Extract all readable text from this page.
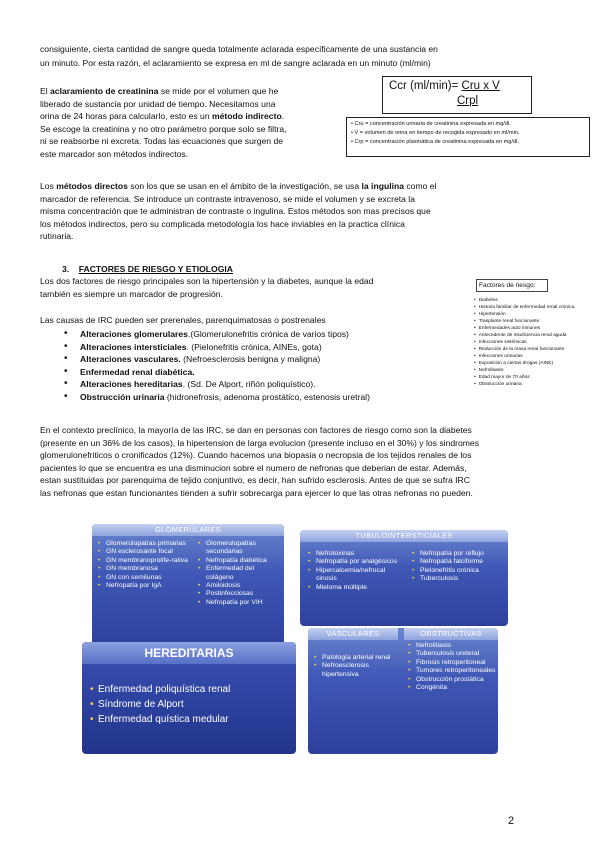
consiguiente, cierta cantidad de sangre queda totalmente aclarada específicamente de una sustancia en
un minuto. Por esta razón, el aclaramiento se expresa en ml de sangre aclarada en un minuto (ml/min)
El aclaramiento de creatinina se mide por el volumen que he
liberado de sustancia por unidad de tiempo. Necesitamos una
orina de 24 horas para calcularlo, esto es un método indirecto.
Se escoge la creatinina y no otro parámetro porque solo se filtra,
ni se reabsorbe ni excreta. Todas las ecuaciones que surgen de
este marcador son métodos indirectos.
Ccr (ml/min)= Cru x V
Crpl
• Cru = concentración urinaria de creatinina expresada en mg/dl.
• V = volumen de orina en tiempo de recogida expresado en ml/min.
• Crp = concentración plasmática de creatinina expresada en mg/dl.
Los métodos directos son los que se usan en el ámbito de la investigación, se usa la ingulina como el
marcador de referencia. Se introduce un contraste intravenoso, se mide el volumen y se excreta la
misma concentración que te administran de contraste o ingulina. Estos métodos son mas precisos que
los métodos indirectos, pero su complicada metodología los hace inviables en la practica clínica
rutinaria.
3. FACTORES DE RIESGO Y ETIOLOGIA
Los dos factores de riesgo principales son la hipertensión y la diabetes, aunque la edad
también es siempre un marcador de progresión.
Factores de riesgo:
• Diabetes
• Historia familiar de enfermedad renal crónica.
• Hipertensión
• Trasplante renal funcionante
• Enfermedades auto inmunes
• Antecedente de insuficiencia renal aguda
• Infecciones sistémicas
• Reducción de la masa renal funcionante
• Infecciones urinarias
• Exposición a ciertas drogas (AINE)
• Nefrolitiasis
• Edad mayor de 70 años
• Obstrucción urinaria
Las causas de IRC pueden ser prerenales, parenquimatosas o postrenales
• Alteraciones glomerulares.(Glomerulonefritis crónica de varios tipos)
• Alteraciones intersticiales. (Pielonefritis crónica, AINEs, gota)
• Alteraciones vasculares. (Nefroesclerosis benigna y maligna)
• Enfermedad renal diabética.
• Alteraciones hereditarias. (Sd. De Alport, riñón poliquístico).
• Obstrucción urinaria (hidronefrosis, adenoma prostático, estenosis uretral)
En el contexto preclínico, la mayoría de las IRC, se dan en personas con factores de riesgo como son la diabetes
(presente en un 36% de los casos), la hipertension de larga evolucion (presente incluso en el 30%) y los sindromes
glomerulonefriticos o cronificados (12%). Cuando hacemos una biopasia o necropsia de los tejidos renales de los
pacientes lo que se encuentra es una disminucion sobre el numero de nefronas que deberian de estar. Además,
estan sustituidas por parenquima de tejido conjuntivo, es decir, han sufrido esclerosis. Antes de que se sufra IRC
las nefronas que estan funcionantes tienden a sufrir sobrecarga para ejercer lo que las otras nefronas no pueden.
GLOMERULARES
• Glomerulopatías primarias
• GN esclerosante focal
• GN membranoprolife-rativa
• GN membranosa
• GN con semilunas
• Nefropatía por IgA
• Glomerulopatías secundarias
• Nefropatía diabética
• Enfermedad del colágeno
• Amiloidosis
• Postinfecciosas
• Nefropatía por VIH
TUBULOINTERSTICIALES
• Nefrotoxinas
• Nefropatía por analgésicos
• Hipercalcemia/nefrocal cinosis
• Mieloma múltiple
• Nefropatía por reflujo
• Nefropatía falciforme
• Pielonefritis crónica
• Tuberculosis
HEREDITARIAS
• Enfermedad poliquística renal
• Síndrome de Alport
• Enfermedad quística medular
VASCULARES	OBSTRUCTIVAS
• Patología arterial renal
• Nefroesclerosis hipertensiva
• Nefrolitiasis
• Tuberculosis ureteral
• Fibrosis retroperitoneal
• Tumores retroperitoneales
• Obstrucción prostática
• Congénita
2
